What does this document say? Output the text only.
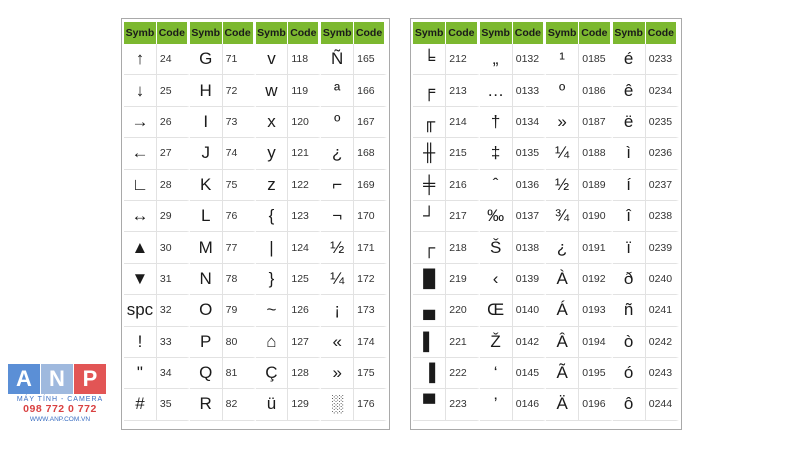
Symb	Code	Symb	Code	Symb	Code	Symb	Code
↑	24	G	71	v	118	Ñ	165
↓	25	H	72	w	119	ª	166
→	26	I	73	x	120	º	167
←	27	J	74	y	121	¿	168
∟	28	K	75	z	122	⌐	169
↔	29	L	76	{	123	¬	170
▲	30	M	77	|	124	½	171
▼	31	N	78	}	125	¼	172
spc	32	O	79	~	126	¡	173
!	33	P	80	⌂	127	«	174
"	34	Q	81	Ç	128	»	175
#	35	R	82	ü	129	░	176
Symb	Code	Symb	Code	Symb	Code	Symb	Code
╘	212	„	0132	¹	0185	é	0233
╒	213	…	0133	º	0186	ê	0234
╓	214	†	0134	»	0187	ë	0235
╫	215	‡	0135	¼	0188	ì	0236
╪	216	ˆ	0136	½	0189	í	0237
┘	217	‰	0137	¾	0190	î	0238
┌	218	Š	0138	¿	0191	ï	0239
█	219	‹	0139	À	0192	ð	0240
▄	220	Œ	0140	Á	0193	ñ	0241
▌	221	Ž	0142	Â	0194	ò	0242
▐	222	‘	0145	Ã	0195	ó	0243
▀	223	’	0146	Ä	0196	ô	0244
A N P
MÁY TÍNH - CAMERA
098 772 0 772
WWW.ANP.COM.VN
